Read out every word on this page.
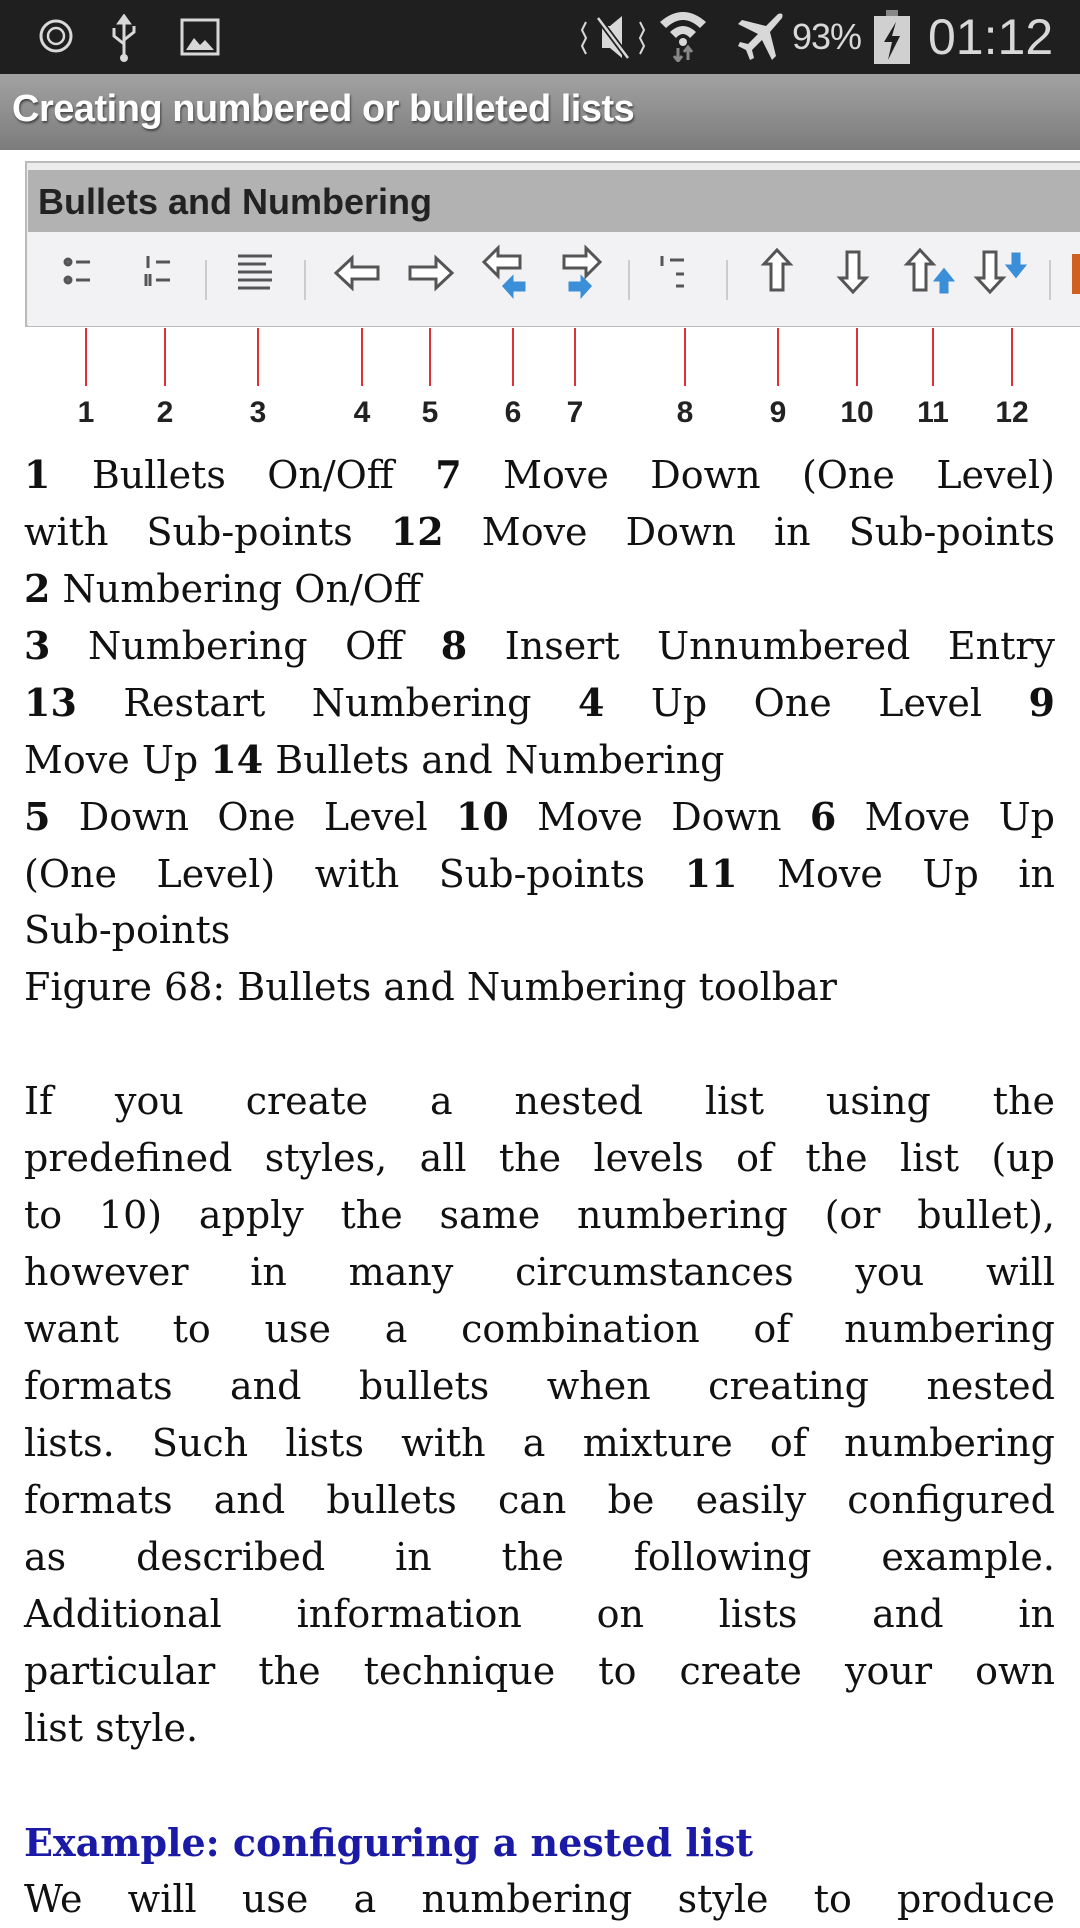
93% 01:12
Creating numbered or bulleted lists
Bullets and Numbering
1 2	3	4 5 6 7	8	9 10 11 12
1 Bullets On/Off 7 Move Down (One Level)
with Sub-points 12 Move Down in Sub-points
2 Numbering On/Off
3 Numbering Off 8 Insert Unnumbered Entry
13 Restart Numbering 4 Up One Level 9
Move Up 14 Bullets and Numbering
5 Down One Level 10 Move Down 6 Move Up
(One Level) with Sub-points 11 Move Up in
Sub-points
Figure 68: Bullets and Numbering toolbar
If you create a nested list using the
predefined styles, all the levels of the list (up
to 10) apply the same numbering (or bullet),
however in many circumstances you will
want to use a combination of numbering
formats and bullets when creating nested
lists. Such lists with a mixture of numbering
formats and bullets can be easily configured
as described in the following example.
Additional information on lists and in
particular the technique to create your own
list style.
Example: configuring a nested list
We will use a numbering style to produce
